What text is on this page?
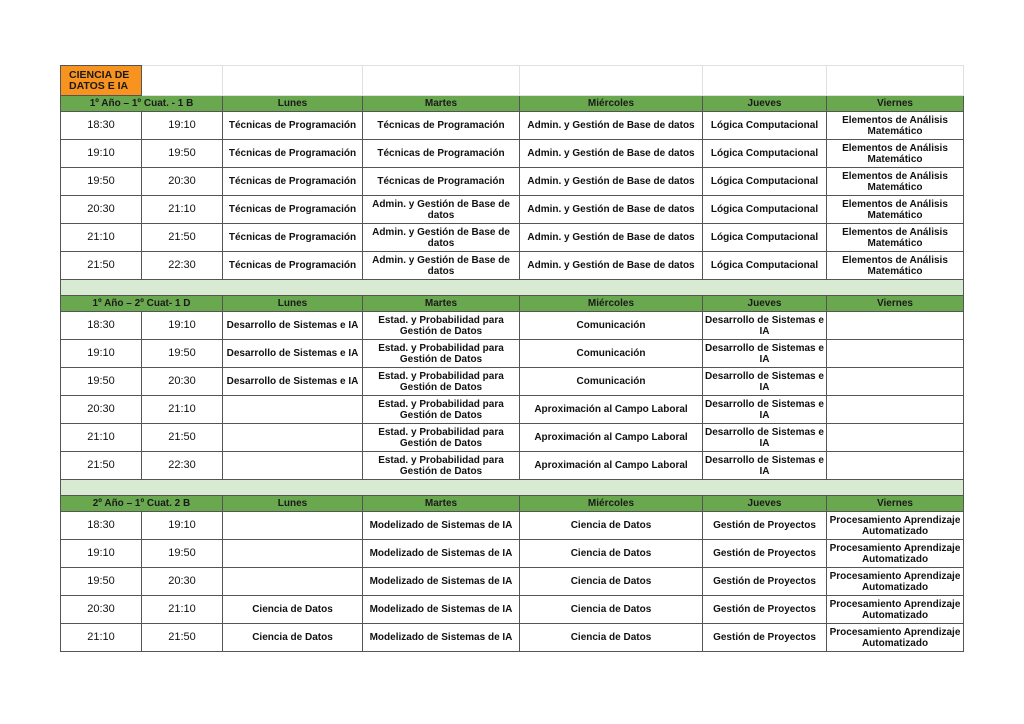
CIENCIA DE DATOS E IA						
1º Año – 1º Cuat. - 1 B		Lunes	Martes	Miércoles	Jueves	Viernes
18:30	19:10	Técnicas de Programación	Técnicas de Programación	Admin. y Gestión de Base de datos	Lógica Computacional	Elementos de Análisis Matemático
19:10	19:50	Técnicas de Programación	Técnicas de Programación	Admin. y Gestión de Base de datos	Lógica Computacional	Elementos de Análisis Matemático
19:50	20:30	Técnicas de Programación	Técnicas de Programación	Admin. y Gestión de Base de datos	Lógica Computacional	Elementos de Análisis Matemático
20:30	21:10	Técnicas de Programación	Admin. y Gestión de Base de datos	Admin. y Gestión de Base de datos	Lógica Computacional	Elementos de Análisis Matemático
21:10	21:50	Técnicas de Programación	Admin. y Gestión de Base de datos	Admin. y Gestión de Base de datos	Lógica Computacional	Elementos de Análisis Matemático
21:50	22:30	Técnicas de Programación	Admin. y Gestión de Base de datos	Admin. y Gestión de Base de datos	Lógica Computacional	Elementos de Análisis Matemático

1º Año – 2º Cuat- 1 D		Lunes	Martes	Miércoles	Jueves	Viernes
18:30	19:10	Desarrollo de Sistemas e IA	Estad. y Probabilidad para Gestión de Datos	Comunicación	Desarrollo de Sistemas e IA	
19:10	19:50	Desarrollo de Sistemas e IA	Estad. y Probabilidad para Gestión de Datos	Comunicación	Desarrollo de Sistemas e IA	
19:50	20:30	Desarrollo de Sistemas e IA	Estad. y Probabilidad para Gestión de Datos	Comunicación	Desarrollo de Sistemas e IA	
20:30	21:10		Estad. y Probabilidad para Gestión de Datos	Aproximación al Campo Laboral	Desarrollo de Sistemas e IA	
21:10	21:50		Estad. y Probabilidad para Gestión de Datos	Aproximación al Campo Laboral	Desarrollo de Sistemas e IA	
21:50	22:30		Estad. y Probabilidad para Gestión de Datos	Aproximación al Campo Laboral	Desarrollo de Sistemas e IA	

2º Año – 1º Cuat. 2 B		Lunes	Martes	Miércoles	Jueves	Viernes
18:30	19:10		Modelizado de Sistemas de IA	Ciencia de Datos	Gestión de Proyectos	Procesamiento Aprendizaje Automatizado
19:10	19:50		Modelizado de Sistemas de IA	Ciencia de Datos	Gestión de Proyectos	Procesamiento Aprendizaje Automatizado
19:50	20:30		Modelizado de Sistemas de IA	Ciencia de Datos	Gestión de Proyectos	Procesamiento Aprendizaje Automatizado
20:30	21:10	Ciencia de Datos	Modelizado de Sistemas de IA	Ciencia de Datos	Gestión de Proyectos	Procesamiento Aprendizaje Automatizado
21:10	21:50	Ciencia de Datos	Modelizado de Sistemas de IA	Ciencia de Datos	Gestión de Proyectos	Procesamiento Aprendizaje Automatizado
